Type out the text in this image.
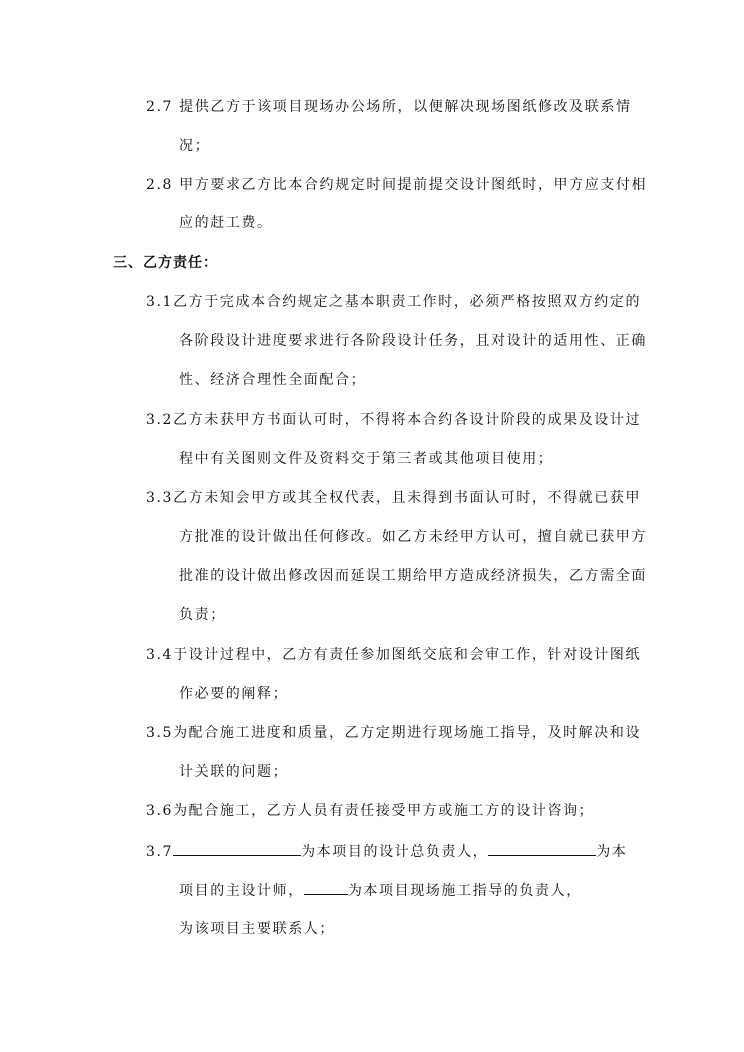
2.7 提供乙方于该项目现场办公场所，以便解决现场图纸修改及联系情
况；
2.8 甲方要求乙方比本合约规定时间提前提交设计图纸时，甲方应支付相
应的赶工费。
三、乙方责任：
3.1乙方于完成本合约规定之基本职责工作时，必须严格按照双方约定的
各阶段设计进度要求进行各阶段设计任务，且对设计的适用性、正确
性、经济合理性全面配合；
3.2乙方未获甲方书面认可时，不得将本合约各设计阶段的成果及设计过
程中有关图则文件及资料交于第三者或其他项目使用；
3.3乙方未知会甲方或其全权代表，且未得到书面认可时，不得就已获甲
方批准的设计做出任何修改。如乙方未经甲方认可，擅自就已获甲方
批准的设计做出修改因而延误工期给甲方造成经济损失，乙方需全面
负责；
3.4于设计过程中，乙方有责任参加图纸交底和会审工作，针对设计图纸
作必要的阐释；
3.5为配合施工进度和质量，乙方定期进行现场施工指导，及时解决和设
计关联的问题；
3.6为配合施工，乙方人员有责任接受甲方或施工方的设计咨询；
3.7	为本项目的设计总负责人，	为本
项目的主设计师，	为本项目现场施工指导的负责人，
为该项目主要联系人；
